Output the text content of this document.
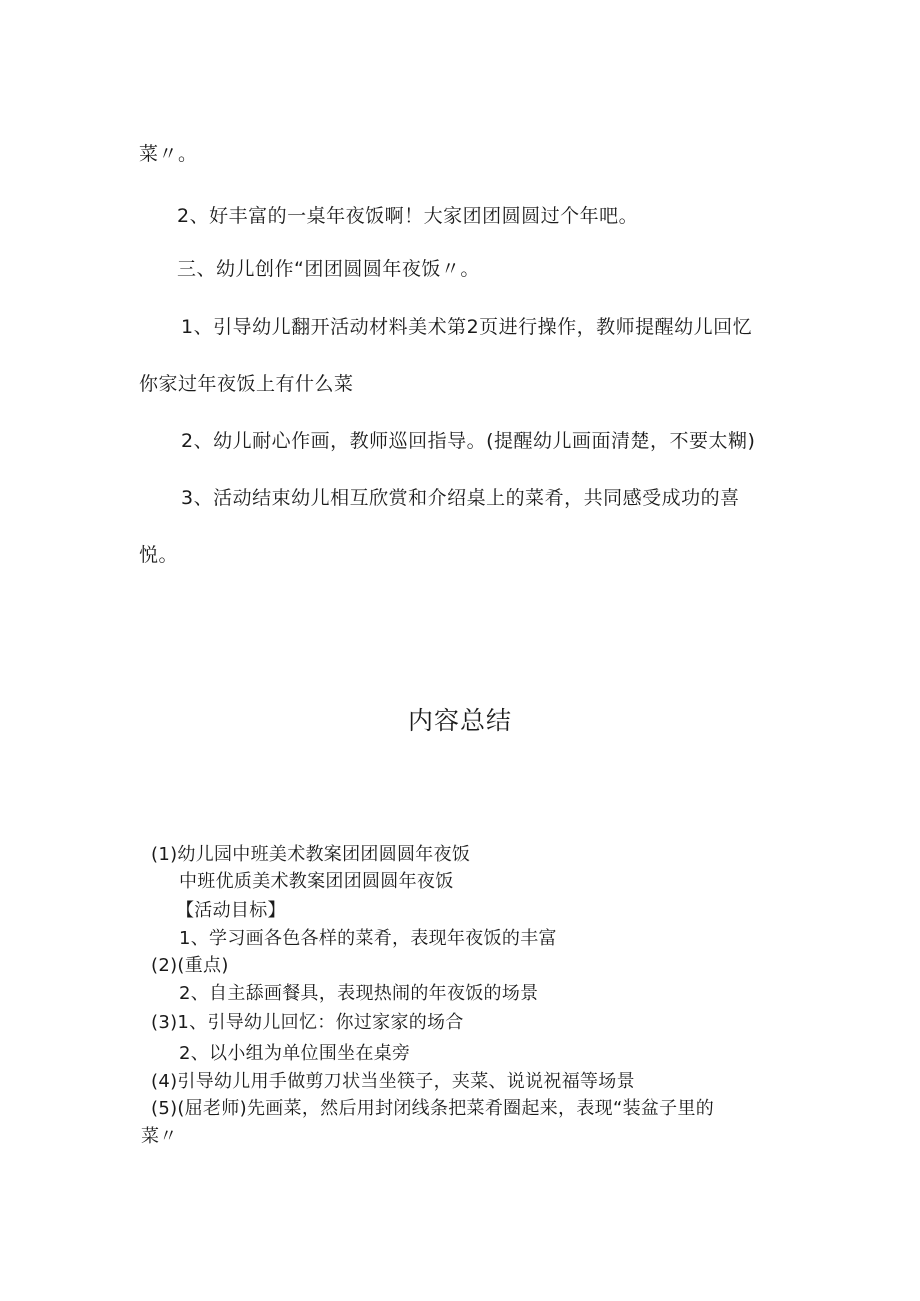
菜〃。
2、好丰富的一桌年夜饭啊！大家团团圆圆过个年吧。
三、幼儿创作“团团圆圆年夜饭〃。
1、引导幼儿翻开活动材料美术第2页进行操作，教师提醒幼儿回忆
你家过年夜饭上有什么菜
2、幼儿耐心作画，教师巡回指导。(提醒幼儿画面清楚，不要太糊)
3、活动结束幼儿相互欣赏和介绍桌上的菜肴，共同感受成功的喜
悦。
内容总结
(1)幼儿园中班美术教案团团圆圆年夜饭
中班优质美术教案团团圆圆年夜饭
【活动目标】
1、学习画各色各样的菜肴，表现年夜饭的丰富
(2)(重点)
2、自主舔画餐具，表现热闹的年夜饭的场景
(3)1、引导幼儿回忆：你过家家的场合
2、以小组为单位围坐在桌旁
(4)引导幼儿用手做剪刀状当坐筷子，夹菜、说说祝福等场景
(5)(屈老师)先画菜，然后用封闭线条把菜肴圈起来，表现“装盆子里的
菜〃
